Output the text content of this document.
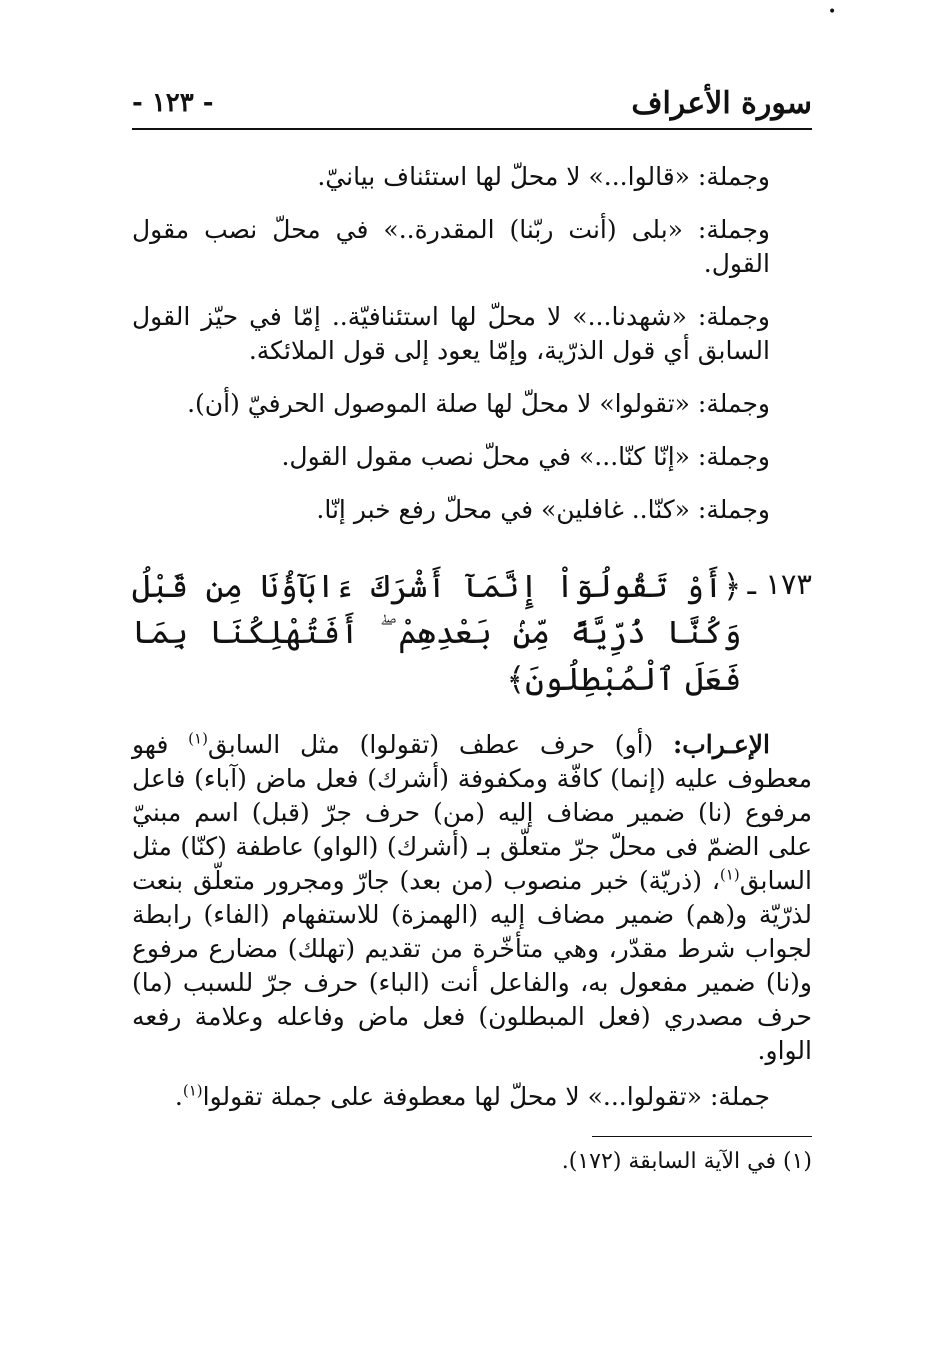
•
سورة الأعراف
- ١٢٣ -

وجملة: «قالوا...» لا محلّ لها استئناف بيانيّ.

وجملة: «بلى (أنت ربّنا) المقدرة..» في محلّ نصب مقول القول.

وجملة: «شهدنا...» لا محلّ لها استئنافيّة.. إمّا في حيّز القول السابق أي قول الذرّية، وإمّا يعود إلى قول الملائكة.

وجملة: «تقولوا» لا محلّ لها صلة الموصول الحرفيّ (أن).

وجملة: «إنّا كنّا...» في محلّ نصب مقول القول.

وجملة: «كنّا.. غافلين» في محلّ رفع خبر إنّا.

١٧٣ ـ
﴿أَوْ تَقُولُوٓاْ إِنَّمَآ أَشْرَكَ ءَابَآؤُنَا مِن قَبْلُ وَكُنَّا ذُرِّيَّةً مِّنۢ بَعْدِهِمْ ۖ أَفَتُهْلِكُنَا بِمَا فَعَلَ ٱلْمُبْطِلُونَ﴾

الإعـراب: (أو) حرف عطف (تقولوا) مثل السابق$^{(١)}$ فهو معطوف عليه (إنما) كافّة ومكفوفة (أشرك) فعل ماض (آباء) فاعل مرفوع (نا) ضمير مضاف إليه (من) حرف جرّ (قبل) اسم مبنيّ على الضمّ فى محلّ جرّ متعلّق بـ (أشرك) (الواو) عاطفة (كنّا) مثل السابق$^{(١)}$، (ذريّة) خبر منصوب (من بعد) جارّ ومجرور متعلّق بنعت لذرّيّة و(هم) ضمير مضاف إليه (الهمزة) للاستفهام (الفاء) رابطة لجواب شرط مقدّر، وهي متأخّرة من تقديم (تهلك) مضارع مرفوع و(نا) ضمير مفعول به، والفاعل أنت (الباء) حرف جرّ للسبب (ما) حرف مصدري (فعل المبطلون) فعل ماض وفاعله وعلامة رفعه الواو.

جملة: «تقولوا...» لا محلّ لها معطوفة على جملة تقولوا$^{(١)}$.

(١) في الآية السابقة (١٧٢).
